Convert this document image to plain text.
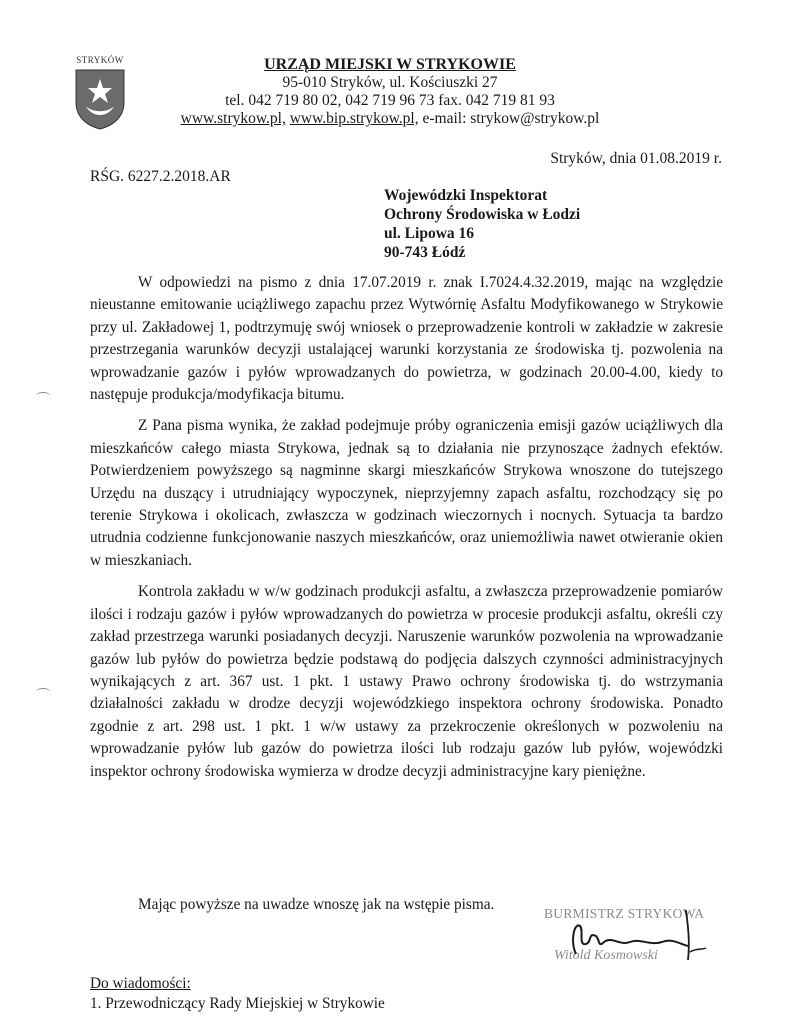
STRYKÓW	URZĄD MIEJSKI W STRYKOWIE
95-010 Stryków, ul. Kościuszki 27
tel. 042 719 80 02, 042 719 96 73 fax. 042 719 81 93
www.strykow.pl, www.bip.strykow.pl, e-mail: strykow@strykow.pl
Stryków, dnia 01.08.2019 r.
RŚG. 6227.2.2018.AR
Wojewódzki Inspektorat
Ochrony Środowiska w Łodzi
ul. Lipowa 16
90-743 Łódź

W odpowiedzi na pismo z dnia 17.07.2019 r. znak I.7024.4.32.2019, mając na względzie nieustanne emitowanie uciążliwego zapachu przez Wytwórnię Asfaltu Modyfikowanego w Strykowie przy ul. Zakładowej 1, podtrzymuję swój wniosek o przeprowadzenie kontroli w zakładzie w zakresie przestrzegania warunków decyzji ustalającej warunki korzystania ze środowiska tj. pozwolenia na wprowadzanie gazów i pyłów wprowadzanych do powietrza, w godzinach 20.00-4.00, kiedy to następuje produkcja/modyfikacja bitumu.

Z Pana pisma wynika, że zakład podejmuje próby ograniczenia emisji gazów uciążliwych dla mieszkańców całego miasta Strykowa, jednak są to działania nie przynoszące żadnych efektów. Potwierdzeniem powyższego są nagminne skargi mieszkańców Strykowa wnoszone do tutejszego Urzędu na duszący i utrudniający wypoczynek, nieprzyjemny zapach asfaltu, rozchodzący się po terenie Strykowa i okolicach, zwłaszcza w godzinach wieczornych i nocnych. Sytuacja ta bardzo utrudnia codzienne funkcjonowanie naszych mieszkańców, oraz uniemożliwia nawet otwieranie okien w mieszkaniach.

Kontrola zakładu w w/w godzinach produkcji asfaltu, a zwłaszcza przeprowadzenie pomiarów ilości i rodzaju gazów i pyłów wprowadzanych do powietrza w procesie produkcji asfaltu, określi czy zakład przestrzega warunki posiadanych decyzji. Naruszenie warunków pozwolenia na wprowadzanie gazów lub pyłów do powietrza będzie podstawą do podjęcia dalszych czynności administracyjnych wynikających z art. 367 ust. 1 pkt. 1 ustawy Prawo ochrony środowiska tj. do wstrzymania działalności zakładu w drodze decyzji wojewódzkiego inspektora ochrony środowiska. Ponadto zgodnie z art. 298 ust. 1 pkt. 1 w/w ustawy za przekroczenie określonych w pozwoleniu na wprowadzanie pyłów lub gazów do powietrza ilości lub rodzaju gazów lub pyłów, wojewódzki inspektor ochrony środowiska wymierza w drodze decyzji administracyjne kary pieniężne.

Mając powyższe na uwadze wnoszę jak na wstępie pisma.
BURMISTRZ STRYKOWA
Witold Kosmowski
Do wiadomości:
1. Przewodniczący Rady Miejskiej w Strykowie
